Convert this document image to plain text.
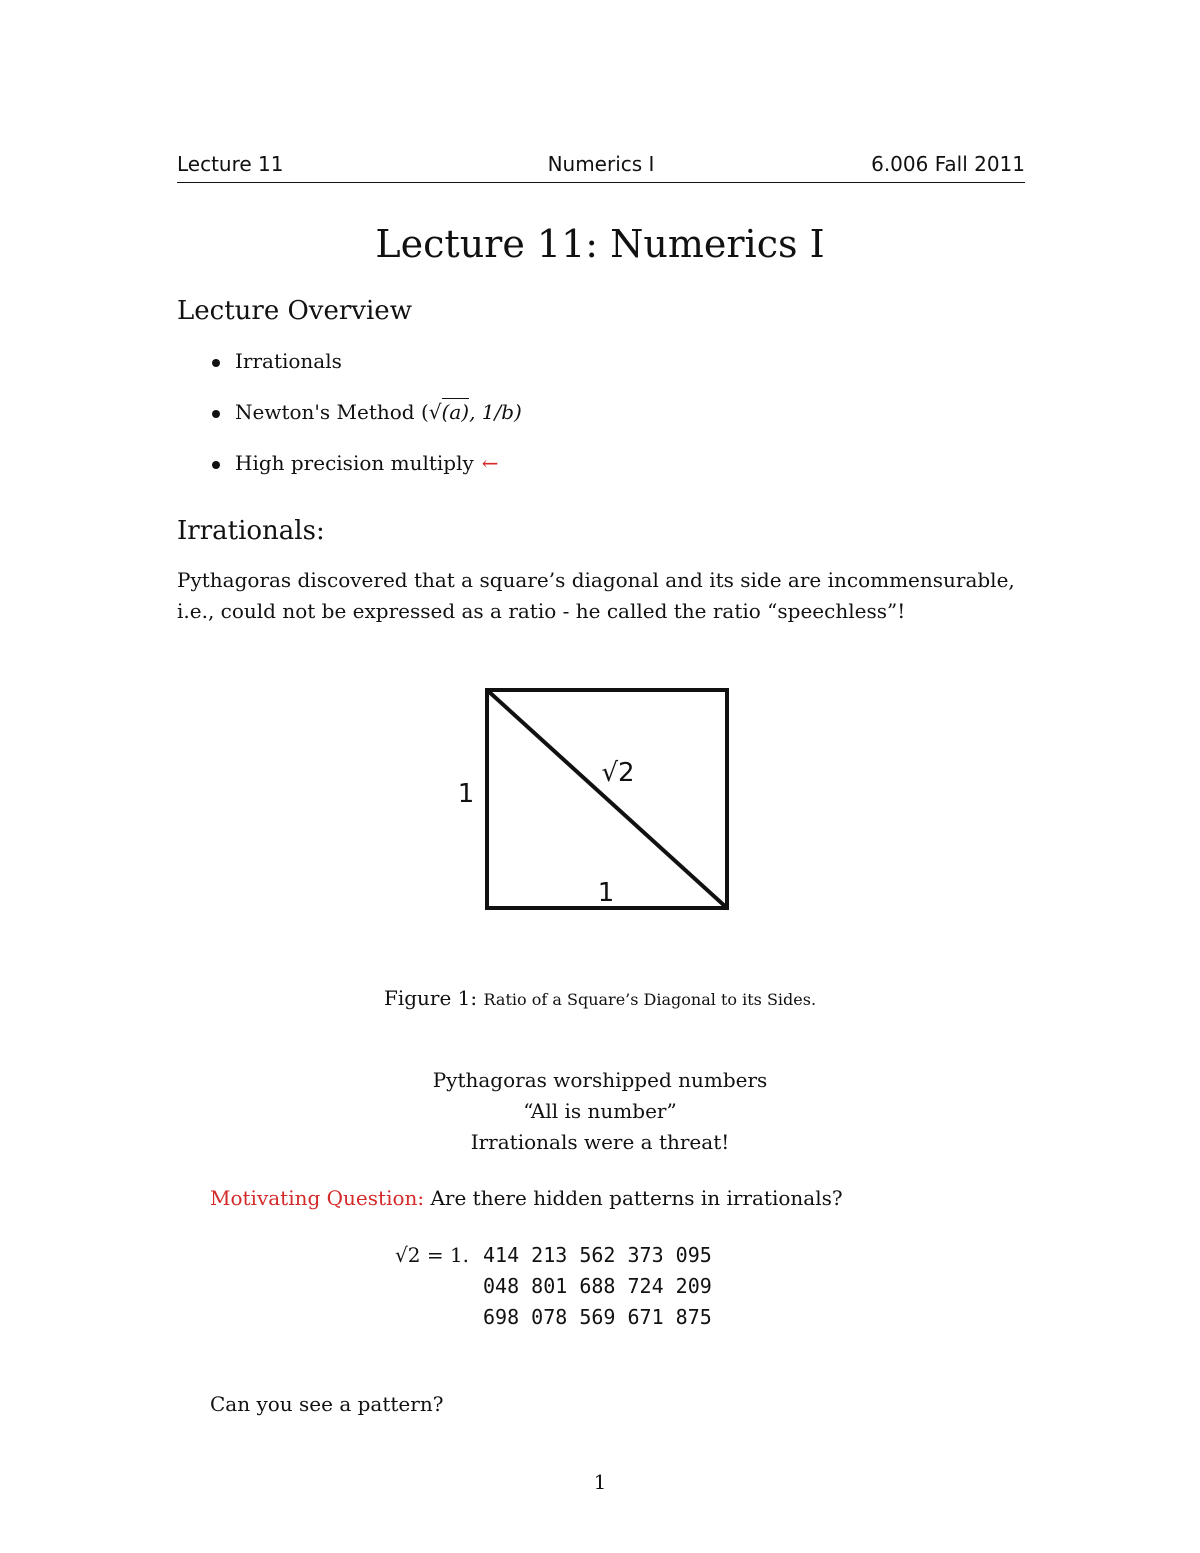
Lecture 11	Numerics I	6.006 Fall 2011
Lecture 11: Numerics I
Lecture Overview
Irrationals
Newton's Method (√(a), 1/b)
High precision multiply ←
Irrationals:

Pythagoras discovered that a square’s diagonal and its side are incommensurable, i.e., could not be expressed as a ratio - he called the ratio “speechless”!

1
1
√2
Figure 1: Ratio of a Square’s Diagonal to its Sides.
Pythagoras worshipped numbers
“All is number”
Irrationals were a threat!
Motivating Question: Are there hidden patterns in irrationals?
√2 = 1. 414 213 562 373 095
048 801 688 724 209
698 078 569 671 875
Can you see a pattern?
1
